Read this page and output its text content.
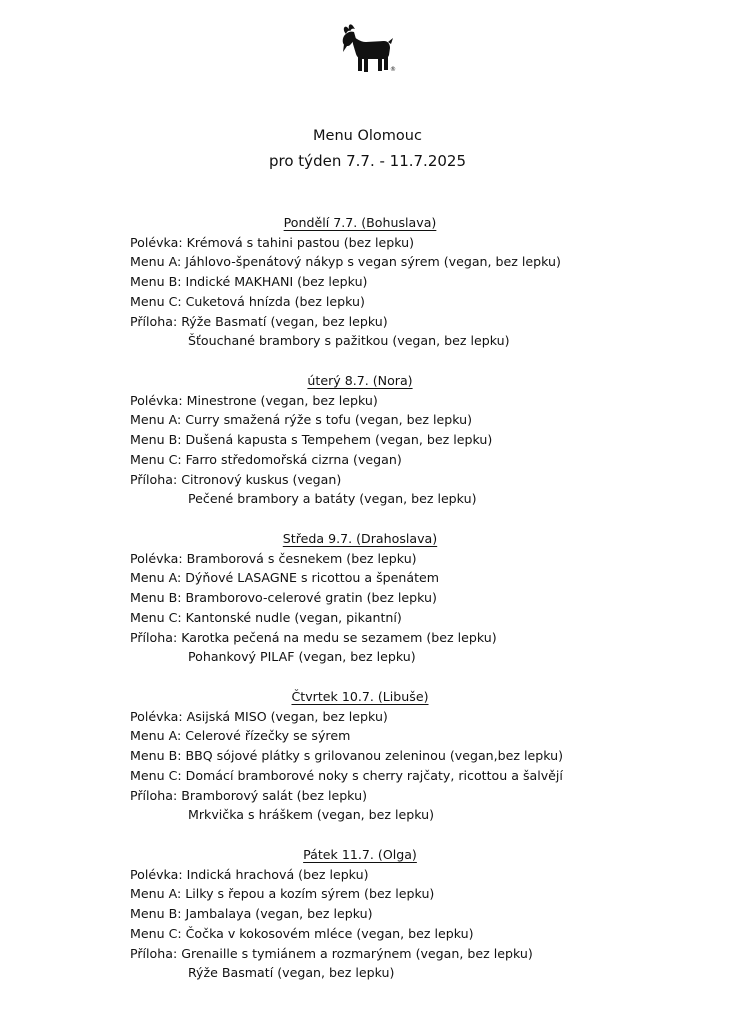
®
Menu Olomouc
pro týden 7.7. - 11.7.2025
Pondělí 7.7. (Bohuslava)
Polévka: Krémová s tahini pastou (bez lepku)
Menu A: Jáhlovo-špenátový nákyp s vegan sýrem (vegan, bez lepku)
Menu B: Indické MAKHANI (bez lepku)
Menu C: Cuketová hnízda (bez lepku)
Příloha: Rýže Basmatí (vegan, bez lepku)
Šťouchané brambory s pažitkou (vegan, bez lepku)
úterý 8.7. (Nora)
Polévka: Minestrone (vegan, bez lepku)
Menu A: Curry smažená rýže s tofu (vegan, bez lepku)
Menu B: Dušená kapusta s Tempehem (vegan, bez lepku)
Menu C: Farro středomořská cizrna (vegan)
Příloha: Citronový kuskus (vegan)
Pečené brambory a batáty (vegan, bez lepku)
Středa 9.7. (Drahoslava)
Polévka: Bramborová s česnekem (bez lepku)
Menu A: Dýňové LASAGNE s ricottou a špenátem
Menu B: Bramborovo-celerové gratin (bez lepku)
Menu C: Kantonské nudle (vegan, pikantní)
Příloha: Karotka pečená na medu se sezamem (bez lepku)
Pohankový PILAF (vegan, bez lepku)
Čtvrtek 10.7. (Libuše)
Polévka: Asijská MISO (vegan, bez lepku)
Menu A: Celerové řízečky se sýrem
Menu B: BBQ sójové plátky s grilovanou zeleninou (vegan,bez lepku)
Menu C: Domácí bramborové noky s cherry rajčaty, ricottou a šalvějí
Příloha: Bramborový salát (bez lepku)
Mrkvička s hráškem (vegan, bez lepku)
Pátek 11.7. (Olga)
Polévka: Indická hrachová (bez lepku)
Menu A: Lilky s řepou a kozím sýrem (bez lepku)
Menu B: Jambalaya (vegan, bez lepku)
Menu C: Čočka v kokosovém mléce (vegan, bez lepku)
Příloha: Grenaille s tymiánem a rozmarýnem (vegan, bez lepku)
Rýže Basmatí (vegan, bez lepku)
